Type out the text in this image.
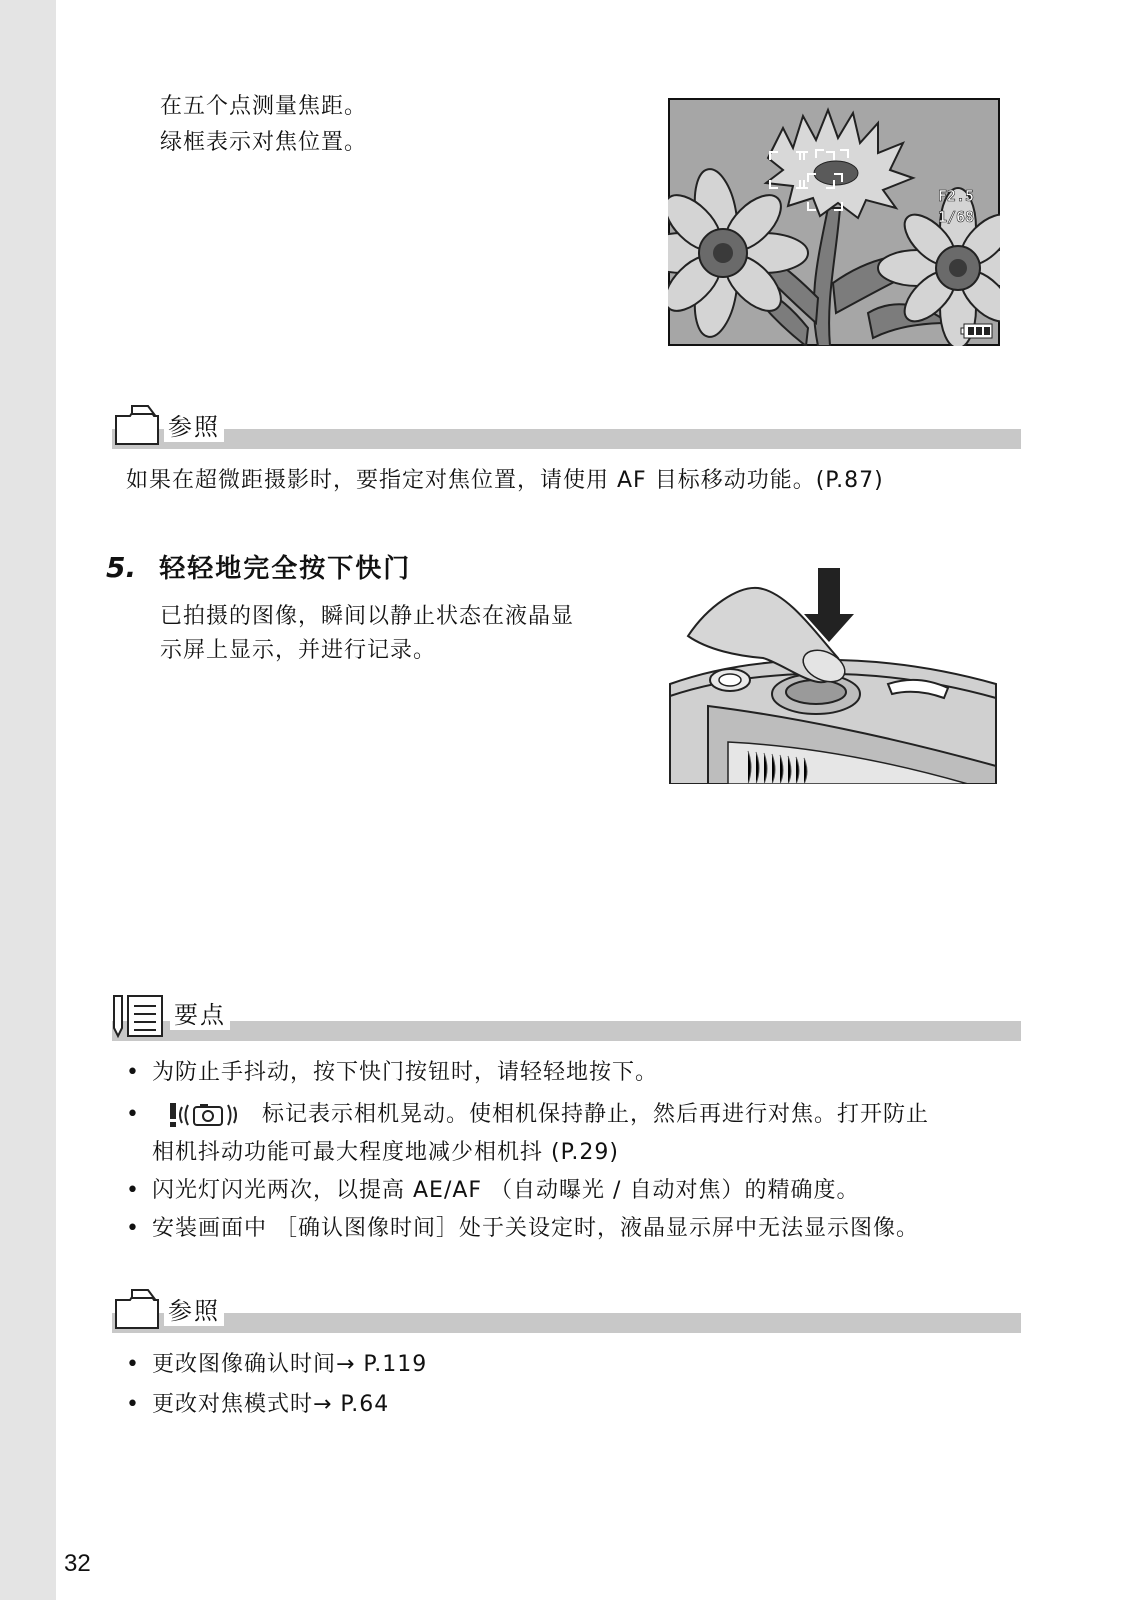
在五个点测量焦距。
绿框表示对焦位置。
F2.5
1/68
参照
如果在超微距摄影时，要指定对焦位置，请使用 AF 目标移动功能。(P.87)
5. 轻轻地完全按下快门
已拍摄的图像，瞬间以静止状态在液晶显
示屏上显示，并进行记录。
要点
• 为防止手抖动，按下快门按钮时，请轻轻地按下。
•	标记表示相机晃动。使相机保持静止，然后再进行对焦。打开防止
相机抖动功能可最大程度地减少相机抖 (P.29)
• 闪光灯闪光两次，以提高 AE/AF （自动曝光 / 自动对焦）的精确度。
• 安装画面中 ［确认图像时间］处于关设定时，液晶显示屏中无法显示图像。
参照
• 更改图像确认时间→ P.119
• 更改对焦模式时→ P.64
32
